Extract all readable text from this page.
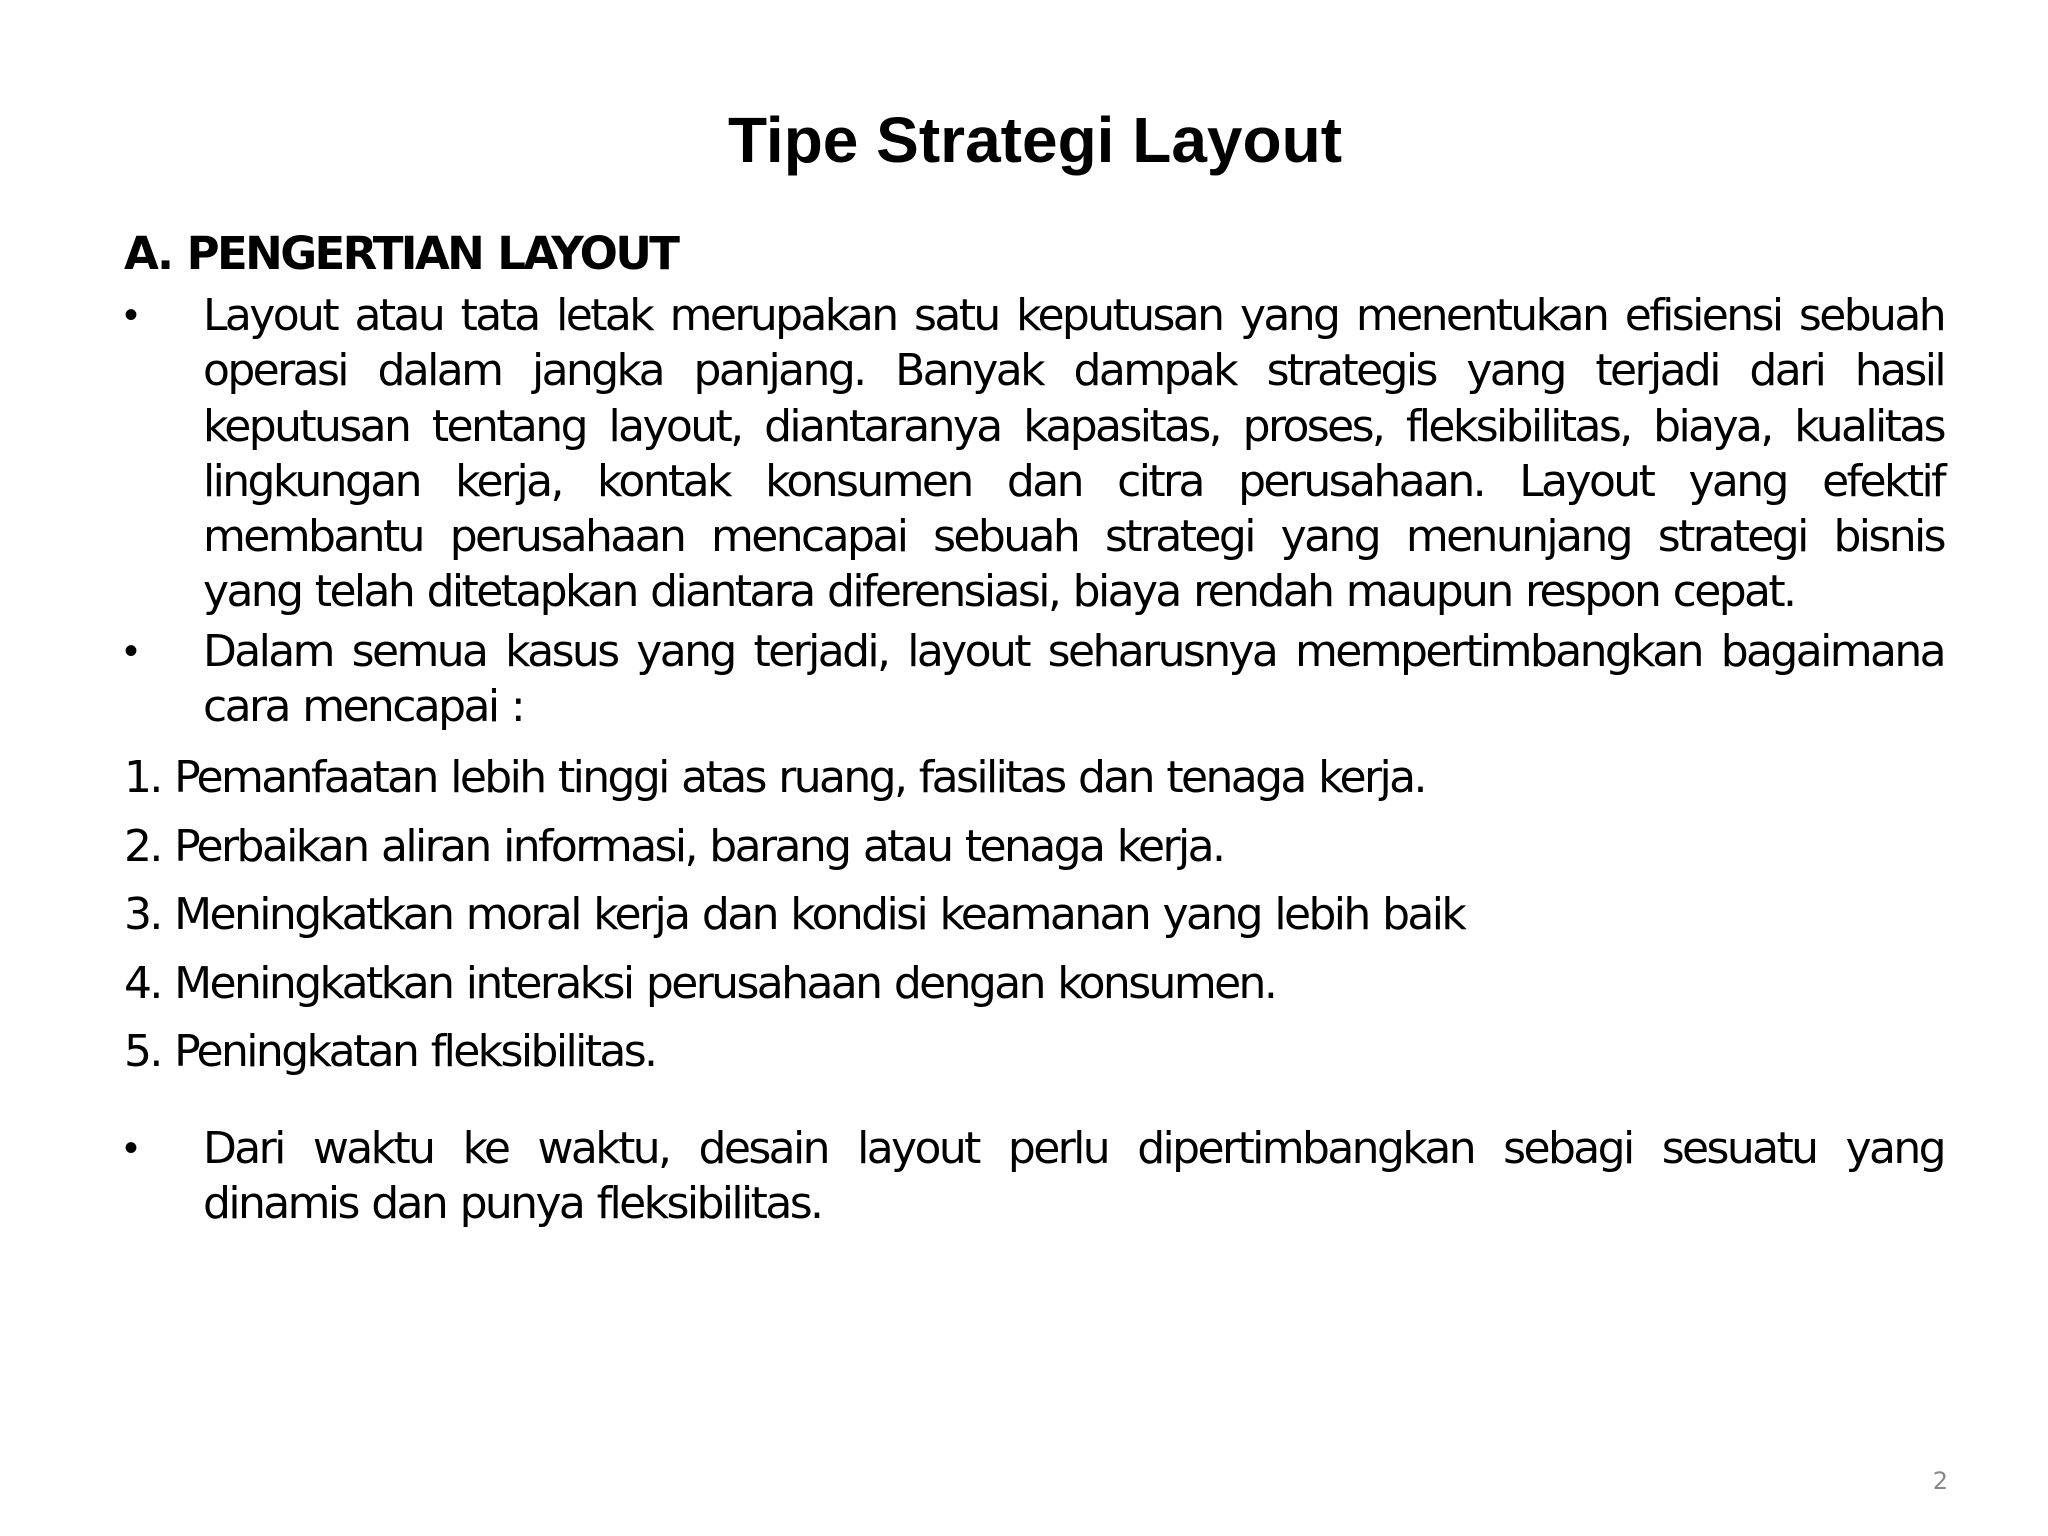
Tipe Strategi Layout

A. PENGERTIAN LAYOUT

• Layout atau tata letak merupakan satu keputusan yang menentukan efisiensi sebuah operasi dalam jangka panjang. Banyak dampak strategis yang terjadi dari hasil keputusan tentang layout, diantaranya kapasitas, proses, fleksibilitas, biaya, kualitas lingkungan kerja, kontak konsumen dan citra perusahaan. Layout yang efektif membantu perusahaan mencapai sebuah strategi yang menunjang strategi bisnis yang telah ditetapkan diantara diferensiasi, biaya rendah maupun respon cepat.

• Dalam semua kasus yang terjadi, layout seharusnya mempertimbangkan bagaimana cara mencapai :

1. Pemanfaatan lebih tinggi atas ruang, fasilitas dan tenaga kerja.
2. Perbaikan aliran informasi, barang atau tenaga kerja.
3. Meningkatkan moral kerja dan kondisi keamanan yang lebih baik
4. Meningkatkan interaksi perusahaan dengan konsumen.
5. Peningkatan fleksibilitas.

• Dari waktu ke waktu, desain layout perlu dipertimbangkan sebagi sesuatu yang dinamis dan punya fleksibilitas.

2
